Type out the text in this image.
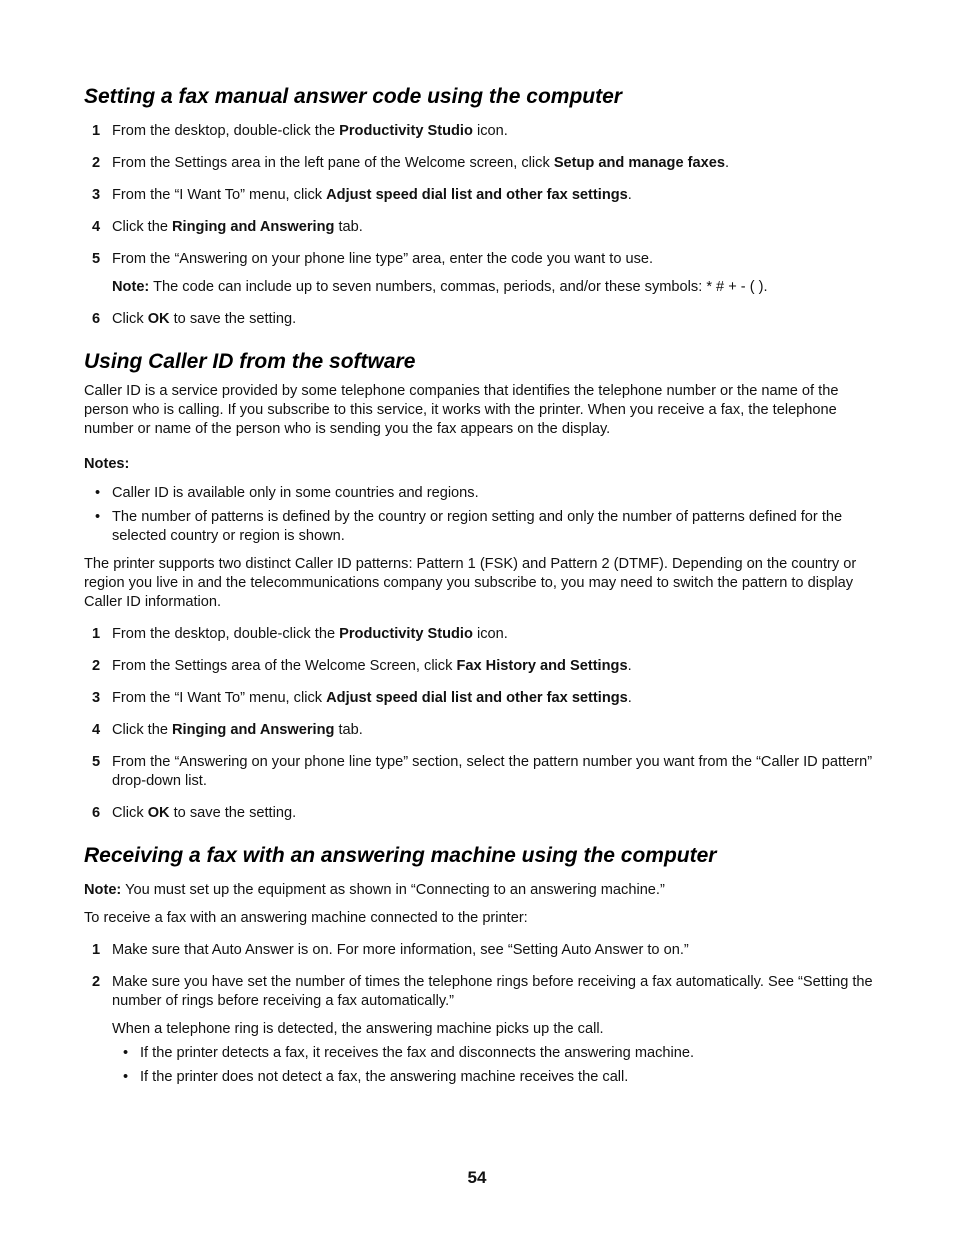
Setting a fax manual answer code using the computer
1 From the desktop, double-click the Productivity Studio icon.
2 From the Settings area in the left pane of the Welcome screen, click Setup and manage faxes.
3 From the “I Want To” menu, click Adjust speed dial list and other fax settings.
4 Click the Ringing and Answering tab.
5 From the “Answering on your phone line type” area, enter the code you want to use.
Note: The code can include up to seven numbers, commas, periods, and/or these symbols: * # + - ( ).
6 Click OK to save the setting.
Using Caller ID from the software
Caller ID is a service provided by some telephone companies that identifies the telephone number or the name of the person who is calling. If you subscribe to this service, it works with the printer. When you receive a fax, the telephone number or name of the person who is sending you the fax appears on the display.
Notes:
• Caller ID is available only in some countries and regions.
• The number of patterns is defined by the country or region setting and only the number of patterns defined for the selected country or region is shown.
The printer supports two distinct Caller ID patterns: Pattern 1 (FSK) and Pattern 2 (DTMF). Depending on the country or region you live in and the telecommunications company you subscribe to, you may need to switch the pattern to display Caller ID information.
1 From the desktop, double-click the Productivity Studio icon.
2 From the Settings area of the Welcome Screen, click Fax History and Settings.
3 From the “I Want To” menu, click Adjust speed dial list and other fax settings.
4 Click the Ringing and Answering tab.
5 From the “Answering on your phone line type” section, select the pattern number you want from the “Caller ID pattern” drop-down list.
6 Click OK to save the setting.
Receiving a fax with an answering machine using the computer
Note: You must set up the equipment as shown in “Connecting to an answering machine.”
To receive a fax with an answering machine connected to the printer:
1 Make sure that Auto Answer is on. For more information, see “Setting Auto Answer to on.”
2 Make sure you have set the number of times the telephone rings before receiving a fax automatically. See “Setting the number of rings before receiving a fax automatically.”
When a telephone ring is detected, the answering machine picks up the call.
• If the printer detects a fax, it receives the fax and disconnects the answering machine.
• If the printer does not detect a fax, the answering machine receives the call.
54
